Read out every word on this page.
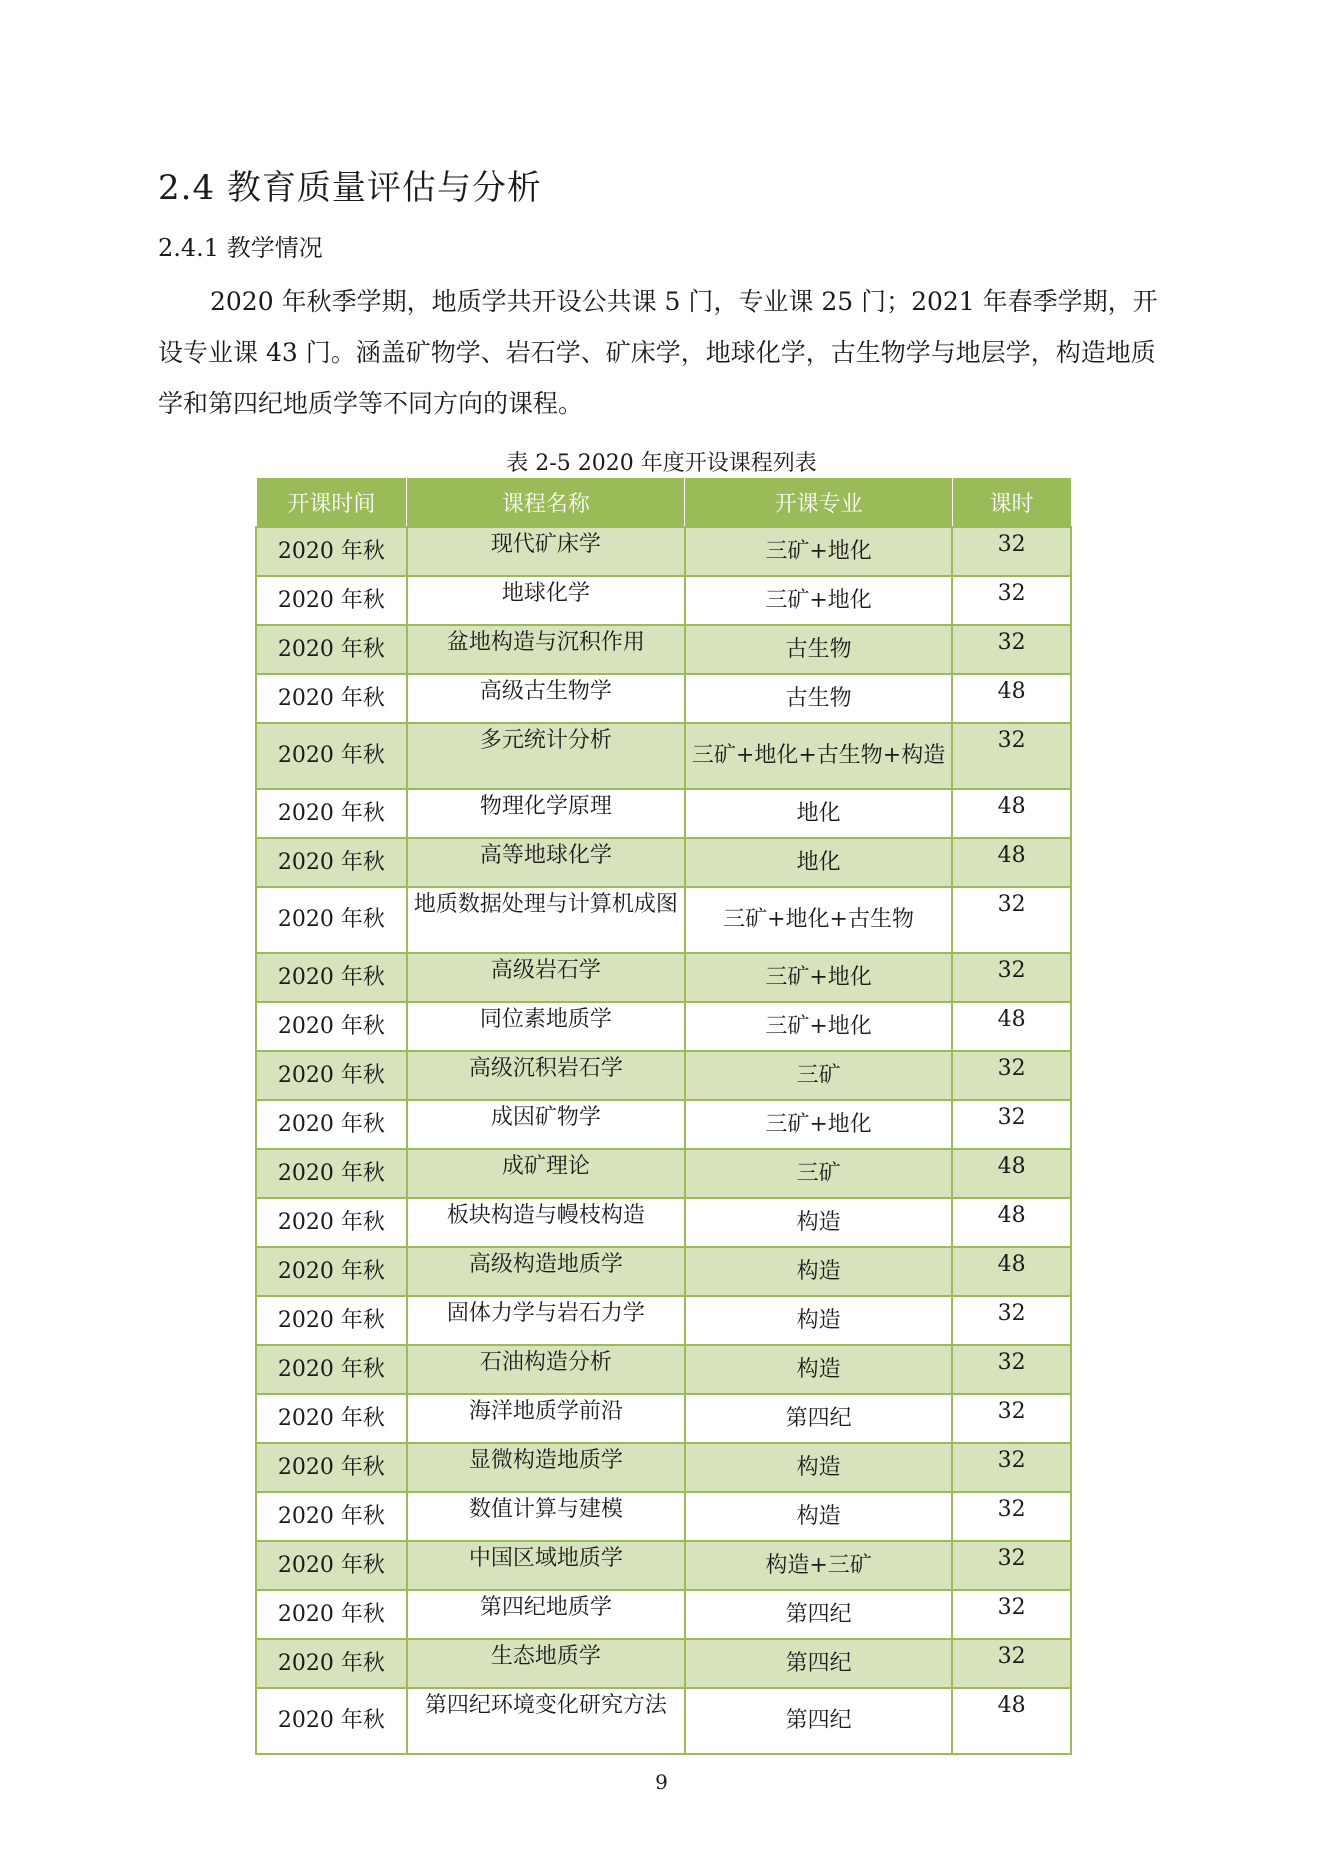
2.4 教育质量评估与分析
2.4.1 教学情况
2020 年秋季学期，地质学共开设公共课 5 门，专业课 25 门；2021 年春季学期，开设专业课 43 门。涵盖矿物学、岩石学、矿床学，地球化学，古生物学与地层学，构造地质学和第四纪地质学等不同方向的课程。
表 2-5 2020 年度开设课程列表
开课时间	课程名称	开课专业	课时
2020 年秋	现代矿床学	三矿+地化	32
2020 年秋	地球化学	三矿+地化	32
2020 年秋	盆地构造与沉积作用	古生物	32
2020 年秋	高级古生物学	古生物	48
2020 年秋	多元统计分析	三矿+地化+古生物+构造	32
2020 年秋	物理化学原理	地化	48
2020 年秋	高等地球化学	地化	48
2020 年秋	地质数据处理与计算机成图	三矿+地化+古生物	32
2020 年秋	高级岩石学	三矿+地化	32
2020 年秋	同位素地质学	三矿+地化	48
2020 年秋	高级沉积岩石学	三矿	32
2020 年秋	成因矿物学	三矿+地化	32
2020 年秋	成矿理论	三矿	48
2020 年秋	板块构造与幔枝构造	构造	48
2020 年秋	高级构造地质学	构造	48
2020 年秋	固体力学与岩石力学	构造	32
2020 年秋	石油构造分析	构造	32
2020 年秋	海洋地质学前沿	第四纪	32
2020 年秋	显微构造地质学	构造	32
2020 年秋	数值计算与建模	构造	32
2020 年秋	中国区域地质学	构造+三矿	32
2020 年秋	第四纪地质学	第四纪	32
2020 年秋	生态地质学	第四纪	32
2020 年秋	第四纪环境变化研究方法	第四纪	48
9
